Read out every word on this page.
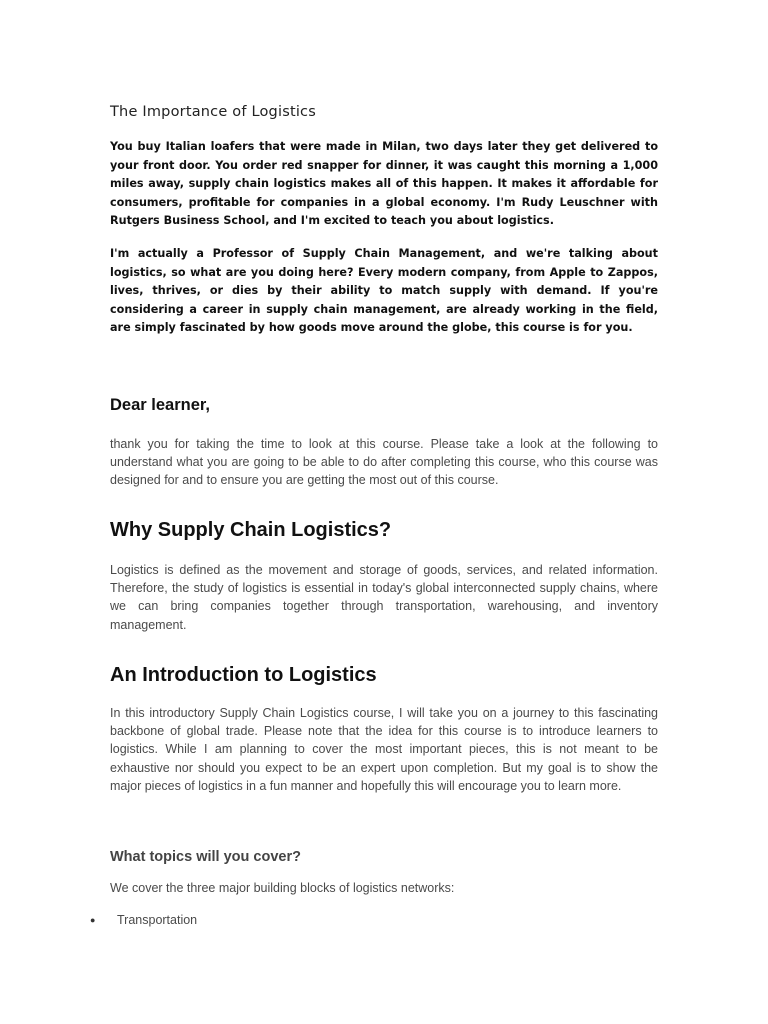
The Importance of Logistics

You buy Italian loafers that were made in Milan, two days later they get delivered to your front door. You order red snapper for dinner, it was caught this morning a 1,000 miles away, supply chain logistics makes all of this happen. It makes it affordable for consumers, profitable for companies in a global economy. I'm Rudy Leuschner with Rutgers Business School, and I'm excited to teach you about logistics.

I'm actually a Professor of Supply Chain Management, and we're talking about logistics, so what are you doing here? Every modern company, from Apple to Zappos, lives, thrives, or dies by their ability to match supply with demand. If you're considering a career in supply chain management, are already working in the field, are simply fascinated by how goods move around the globe, this course is for you.

Dear learner,

thank you for taking the time to look at this course. Please take a look at the following to understand what you are going to be able to do after completing this course, who this course was designed for and to ensure you are getting the most out of this course.

Why Supply Chain Logistics?

Logistics is defined as the movement and storage of goods, services, and related information. Therefore, the study of logistics is essential in today's global interconnected supply chains, where we can bring companies together through transportation, warehousing, and inventory management.

An Introduction to Logistics

In this introductory Supply Chain Logistics course, I will take you on a journey to this fascinating backbone of global trade. Please note that the idea for this course is to introduce learners to logistics. While I am planning to cover the most important pieces, this is not meant to be exhaustive nor should you expect to be an expert upon completion. But my goal is to show the major pieces of logistics in a fun manner and hopefully this will encourage you to learn more.

What topics will you cover?

We cover the three major building blocks of logistics networks:

● Transportation
